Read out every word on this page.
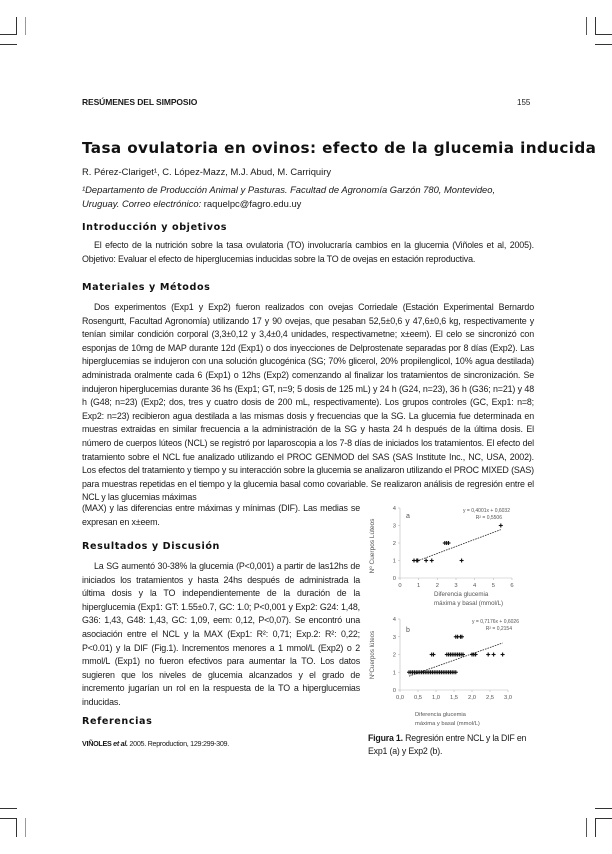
RESÚMENES DEL SIMPOSIO	155
Tasa ovulatoria en ovinos: efecto de la glucemia inducida
R. Pérez-Clariget¹, C. López-Mazz, M.J. Abud, M. Carriquiry
¹Departamento de Producción Animal y Pasturas. Facultad de Agronomía Garzón 780, Montevideo, Uruguay. Correo electrónico: raquelpc@fagro.edu.uy
Introducción y objetivos

El efecto de la nutrición sobre la tasa ovulatoria (TO) involucraría cambios en la glucemia (Viñoles et al, 2005). Objetivo: Evaluar el efecto de hiperglucemias inducidas sobre la TO de ovejas en estación reproductiva.

Materiales y Métodos

Dos experimentos (Exp1 y Exp2) fueron realizados con ovejas Corriedale (Estación Experimental Bernardo Rosengurtt, Facultad Agronomía) utilizando 17 y 90 ovejas, que pesaban 52,5±0,6 y 47,6±0,6 kg, respectivamente y tenían similar condición corporal (3,3±0,12 y 3,4±0,4 unidades, respectivametne; x±eem). El celo se sincronizó con esponjas de 10mg de MAP durante 12d (Exp1) o dos inyecciones de Delprostenate separadas por 8 días (Exp2). Las hiperglucemias se indujeron con una solución glucogénica (SG; 70% glicerol, 20% propilenglicol, 10% agua destilada) administrada oralmente cada 6 (Exp1) o 12hs (Exp2) comenzando al finalizar los tratamientos de sincronización. Se indujeron hiperglucemias durante 36 hs (Exp1; GT, n=9; 5 dosis de 125 mL) y 24 h (G24, n=23), 36 h (G36; n=21) y 48 h (G48; n=23) (Exp2; dos, tres y cuatro dosis de 200 mL, respectivamente). Los grupos controles (GC, Exp1: n=8; Exp2: n=23) recibieron agua destilada a las mismas dosis y frecuencias que la SG. La glucemia fue determinada en muestras extraidas en similar frecuencia a la administración de la SG y hasta 24 h después de la última dosis. El número de cuerpos lúteos (NCL) se registró por laparoscopia a los 7-8 días de iniciados los tratamientos. El efecto del tratamiento sobre el NCL fue analizado utilizando el PROC GENMOD del SAS (SAS Institute Inc., NC, USA, 2002). Los efectos del tratamiento y tiempo y su interacción sobre la glucemia se analizaron utilizando el PROC MIXED (SAS) para muestras repetidas en el tiempo y la glucemia basal como covariable. Se realizaron análisis de regresión entre el NCL y las glucemias máximas

(MAX) y las diferencias entre máximas y mínimas (DIF). Las medias se expresan en x±eem.

Resultados y Discusión

La SG aumentó 30-38% la glucemia (P<0,001) a partir de las12hs de iniciados los tratamientos y hasta 24hs después de administrada la última dosis y la TO independientemente de la duración de la hiperglucemia (Exp1: GT: 1.55±0.7, GC: 1.0; P<0,001 y Exp2: G24: 1,48, G36: 1,43, G48: 1,43, GC: 1,09, eem: 0,12, P<0,07). Se encontró una asociación entre el NCL y la MAX (Exp1: R²: 0,71; Exp.2: R²: 0,22; P<0.01) y la DIF (Fig.1). Incrementos menores a 1 mmol/L (Exp2) o 2 mmol/L (Exp1) no fueron efectivos para aumentar la TO. Los datos sugieren que los niveles de glucemia alcanzados y el grado de incremento jugarían un rol en la respuesta de la TO a hiperglucemias inducidas.

Referencias
VIÑOLES et al. 2005. Reproduction, 129:299-309.
Nº Cuerpos Lúteos
a
y = 0,4001x + 0,6032
R² = 0,5506
0
1
2
3
4
0	1	2	3	4	5	6
Diferencia glucemia
máxima y basal (mmol/L)
NºCuerpos lúteos
b
y = 0,7176x + 0,6026
R² = 0,2154
0
1
2
3
4
0,0 0,5 1,0 1,5 2,0 2,5 3,0
Diferencia glucemia
máxima y basal (mmol/L)
Figura 1. Regresión entre NCL y la DIF en Exp1 (a) y Exp2 (b).
